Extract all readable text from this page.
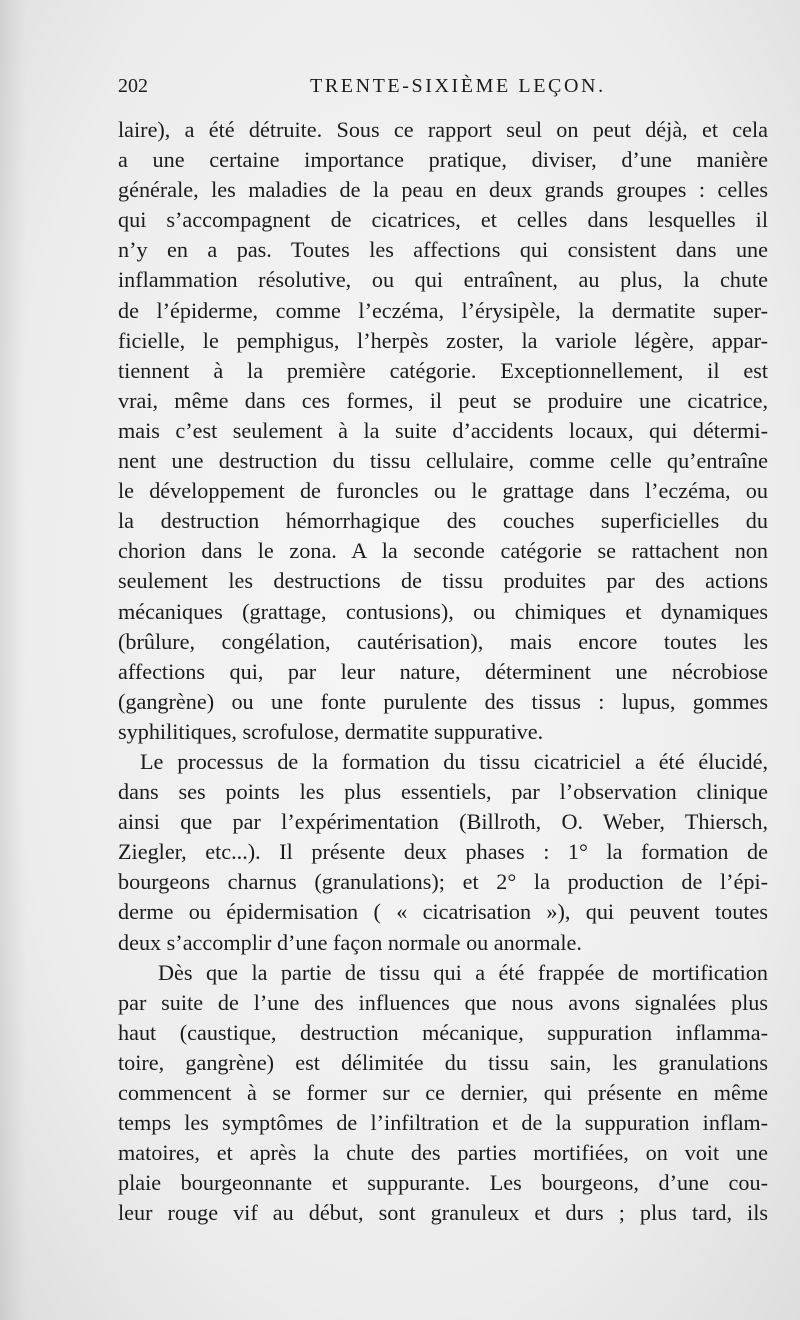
202	TRENTE-SIXIÈME LEÇON.
laire), a été détruite. Sous ce rapport seul on peut déjà, et cela
a une certaine importance pratique, diviser, d’une manière
générale, les maladies de la peau en deux grands groupes : celles
qui s’accompagnent de cicatrices, et celles dans lesquelles il
n’y en a pas. Toutes les affections qui consistent dans une
inflammation résolutive, ou qui entraînent, au plus, la chute
de l’épiderme, comme l’eczéma, l’érysipèle, la dermatite super-
ficielle, le pemphigus, l’herpès zoster, la variole légère, appar-
tiennent à la première catégorie. Exceptionnellement, il est
vrai, même dans ces formes, il peut se produire une cicatrice,
mais c’est seulement à la suite d’accidents locaux, qui détermi-
nent une destruction du tissu cellulaire, comme celle qu’entraîne
le développement de furoncles ou le grattage dans l’eczéma, ou
la destruction hémorrhagique des couches superficielles du
chorion dans le zona. A la seconde catégorie se rattachent non
seulement les destructions de tissu produites par des actions
mécaniques (grattage, contusions), ou chimiques et dynamiques
(brûlure, congélation, cautérisation), mais encore toutes les
affections qui, par leur nature, déterminent une nécrobiose
(gangrène) ou une fonte purulente des tissus : lupus, gommes
syphilitiques, scrofulose, dermatite suppurative.
Le processus de la formation du tissu cicatriciel a été élucidé,
dans ses points les plus essentiels, par l’observation clinique
ainsi que par l’expérimentation (Billroth, O. Weber, Thiersch,
Ziegler, etc...). Il présente deux phases : 1° la formation de
bourgeons charnus (granulations); et 2° la production de l’épi-
derme ou épidermisation ( « cicatrisation »), qui peuvent toutes
deux s’accomplir d’une façon normale ou anormale.
Dès que la partie de tissu qui a été frappée de mortification
par suite de l’une des influences que nous avons signalées plus
haut (caustique, destruction mécanique, suppuration inflamma-
toire, gangrène) est délimitée du tissu sain, les granulations
commencent à se former sur ce dernier, qui présente en même
temps les symptômes de l’infiltration et de la suppuration inflam-
matoires, et après la chute des parties mortifiées, on voit une
plaie bourgeonnante et suppurante. Les bourgeons, d’une cou-
leur rouge vif au début, sont granuleux et durs ; plus tard, ils
